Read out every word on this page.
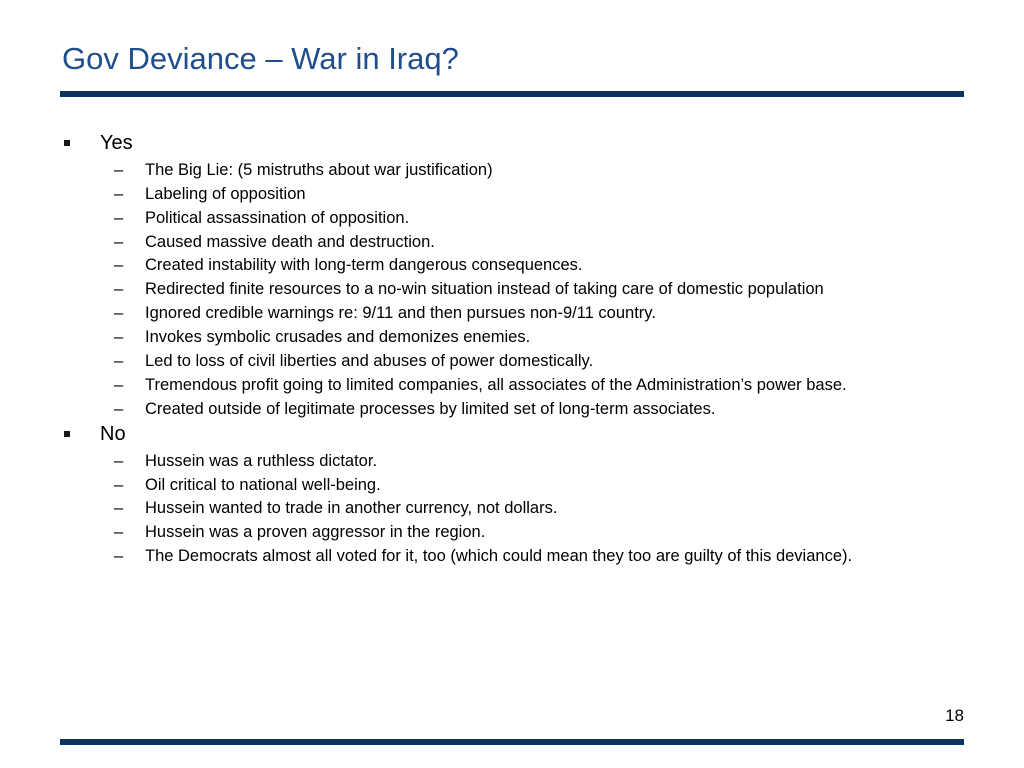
Gov Deviance – War in Iraq?
Yes
– The Big Lie: (5 mistruths about war justification)
– Labeling of opposition
– Political assassination of opposition.
– Caused massive death and destruction.
– Created instability with long-term dangerous consequences.
– Redirected finite resources to a no-win situation instead of taking care of domestic population
– Ignored credible warnings re: 9/11 and then pursues non-9/11 country.
– Invokes symbolic crusades and demonizes enemies.
– Led to loss of civil liberties and abuses of power domestically.
– Tremendous profit going to limited companies, all associates of the Administration’s power base.
– Created outside of legitimate processes by limited set of long-term associates.
No
– Hussein was a ruthless dictator.
– Oil critical to national well-being.
– Hussein wanted to trade in another currency, not dollars.
– Hussein was a proven aggressor in the region.
– The Democrats almost all voted for it, too (which could mean they too are guilty of this deviance).
18
